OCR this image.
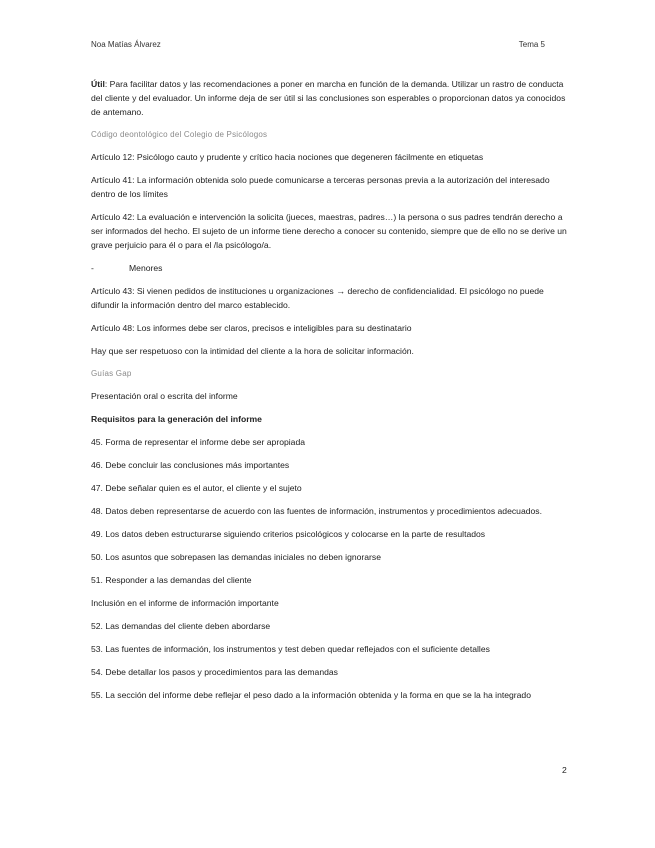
Noa Matías Álvarez	Tema 5

Útil: Para facilitar datos y las recomendaciones a poner en marcha en función de la demanda. Utilizar un rastro de conducta del cliente y del evaluador. Un informe deja de ser útil si las conclusiones son esperables o proporcionan datos ya conocidos de antemano.

Código deontológico del Colegio de Psicólogos

Artículo 12: Psicólogo cauto y prudente y crítico hacia nociones que degeneren fácilmente en etiquetas

Artículo 41: La información obtenida solo puede comunicarse a terceras personas previa a la autorización del interesado dentro de los límites

Artículo 42: La evaluación e intervención la solicita (jueces, maestras, padres…) la persona o sus padres tendrán derecho a ser informados del hecho. El sujeto de un informe tiene derecho a conocer su contenido, siempre que de ello no se derive un grave perjuicio para él o para el /la psicólogo/a.

-	Menores

Artículo 43: Si vienen pedidos de instituciones u organizaciones → derecho de confidencialidad. El psicólogo no puede difundir la información dentro del marco establecido.

Artículo 48: Los informes debe ser claros, precisos e inteligibles para su destinatario

Hay que ser respetuoso con la intimidad del cliente a la hora de solicitar información.

Guías Gap

Presentación oral o escrita del informe

Requisitos para la generación del informe

45. Forma de representar el informe debe ser apropiada

46. Debe concluir las conclusiones más importantes

47. Debe señalar quien es el autor, el cliente y el sujeto

48. Datos deben representarse de acuerdo con las fuentes de información, instrumentos y procedimientos adecuados.

49. Los datos deben estructurarse siguiendo criterios psicológicos y colocarse en la parte de resultados

50. Los asuntos que sobrepasen las demandas iniciales no deben ignorarse

51. Responder a las demandas del cliente

Inclusión en el informe de información importante

52. Las demandas del cliente deben abordarse

53. Las fuentes de información, los instrumentos y test deben quedar reflejados con el suficiente detalles

54. Debe detallar los pasos y procedimientos para las demandas

55. La sección del informe debe reflejar el peso dado a la información obtenida y la forma en que se la ha integrado

2
